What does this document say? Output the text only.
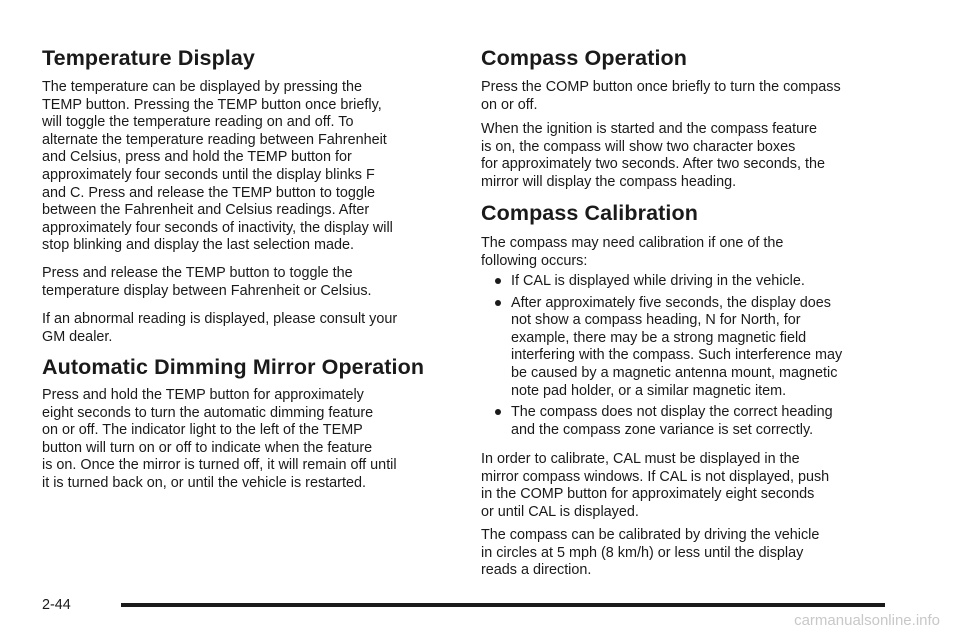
Temperature Display

The temperature can be displayed by pressing the
TEMP button. Pressing the TEMP button once briefly,
will toggle the temperature reading on and off. To
alternate the temperature reading between Fahrenheit
and Celsius, press and hold the TEMP button for
approximately four seconds until the display blinks F
and C. Press and release the TEMP button to toggle
between the Fahrenheit and Celsius readings. After
approximately four seconds of inactivity, the display will
stop blinking and display the last selection made.

Press and release the TEMP button to toggle the
temperature display between Fahrenheit or Celsius.

If an abnormal reading is displayed, please consult your
GM dealer.

Automatic Dimming Mirror Operation

Press and hold the TEMP button for approximately
eight seconds to turn the automatic dimming feature
on or off. The indicator light to the left of the TEMP
button will turn on or off to indicate when the feature
is on. Once the mirror is turned off, it will remain off until
it is turned back on, or until the vehicle is restarted.

Compass Operation

Press the COMP button once briefly to turn the compass
on or off.

When the ignition is started and the compass feature
is on, the compass will show two character boxes
for approximately two seconds. After two seconds, the
mirror will display the compass heading.

Compass Calibration

The compass may need calibration if one of the
following occurs:

If CAL is displayed while driving in the vehicle.

After approximately five seconds, the display does
not show a compass heading, N for North, for
example, there may be a strong magnetic field
interfering with the compass. Such interference may
be caused by a magnetic antenna mount, magnetic
note pad holder, or a similar magnetic item.

The compass does not display the correct heading
and the compass zone variance is set correctly.

In order to calibrate, CAL must be displayed in the
mirror compass windows. If CAL is not displayed, push
in the COMP button for approximately eight seconds
or until CAL is displayed.

The compass can be calibrated by driving the vehicle
in circles at 5 mph (8 km/h) or less until the display
reads a direction.

2-44
carmanualsonline.info
